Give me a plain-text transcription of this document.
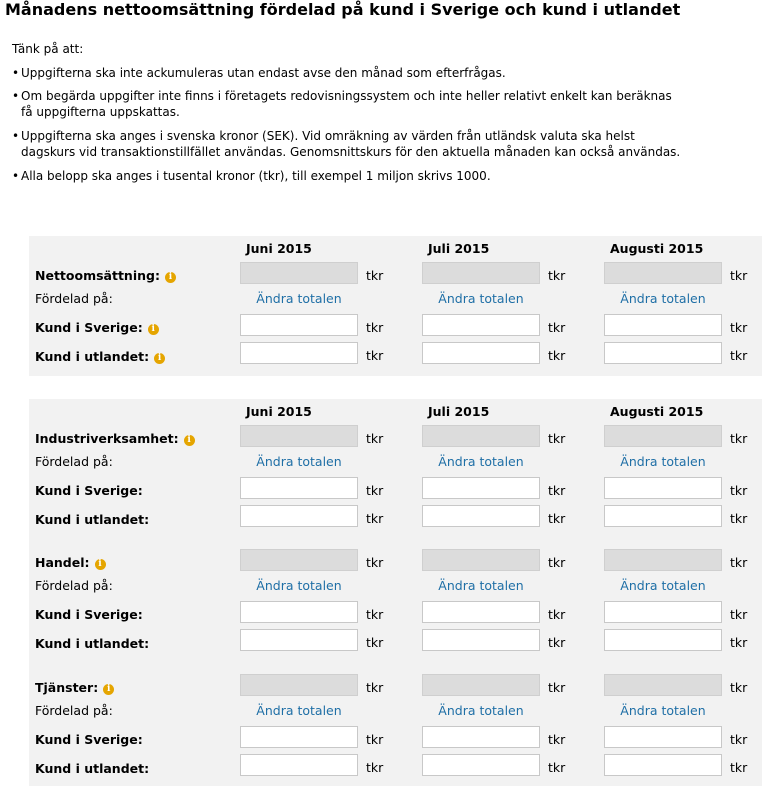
Månadens nettoomsättning fördelad på kund i Sverige och kund i utlandet
Tänk på att:
• Uppgifterna ska inte ackumuleras utan endast avse den månad som efterfrågas.
• Om begärda uppgifter inte finns i företagets redovisningssystem och inte heller relativt enkelt kan beräknas få uppgifterna uppskattas.
• Uppgifterna ska anges i svenska kronor (SEK). Vid omräkning av värden från utländsk valuta ska helst dagskurs vid transaktionstillfället användas. Genomsnittskurs för den aktuella månaden kan också användas.
• Alla belopp ska anges i tusental kronor (tkr), till exempel 1 miljon skrivs 1000.
Juni 2015	Juli 2015	Augusti 2015
Nettoomsättning: i	tkr	tkr	tkr
Fördelad på:	Ändra totalen	Ändra totalen	Ändra totalen
Kund i Sverige: i	tkr	tkr	tkr
Kund i utlandet: i	tkr	tkr	tkr
Juni 2015	Juli 2015	Augusti 2015
Industriverksamhet: i	tkr	tkr	tkr
Fördelad på:	Ändra totalen	Ändra totalen	Ändra totalen
Kund i Sverige:	tkr	tkr	tkr
Kund i utlandet:	tkr	tkr	tkr
Handel: i	tkr	tkr	tkr
Fördelad på:	Ändra totalen	Ändra totalen	Ändra totalen
Kund i Sverige:	tkr	tkr	tkr
Kund i utlandet:	tkr	tkr	tkr
Tjänster: i	tkr	tkr	tkr
Fördelad på:	Ändra totalen	Ändra totalen	Ändra totalen
Kund i Sverige:	tkr	tkr	tkr
Kund i utlandet:	tkr	tkr	tkr
